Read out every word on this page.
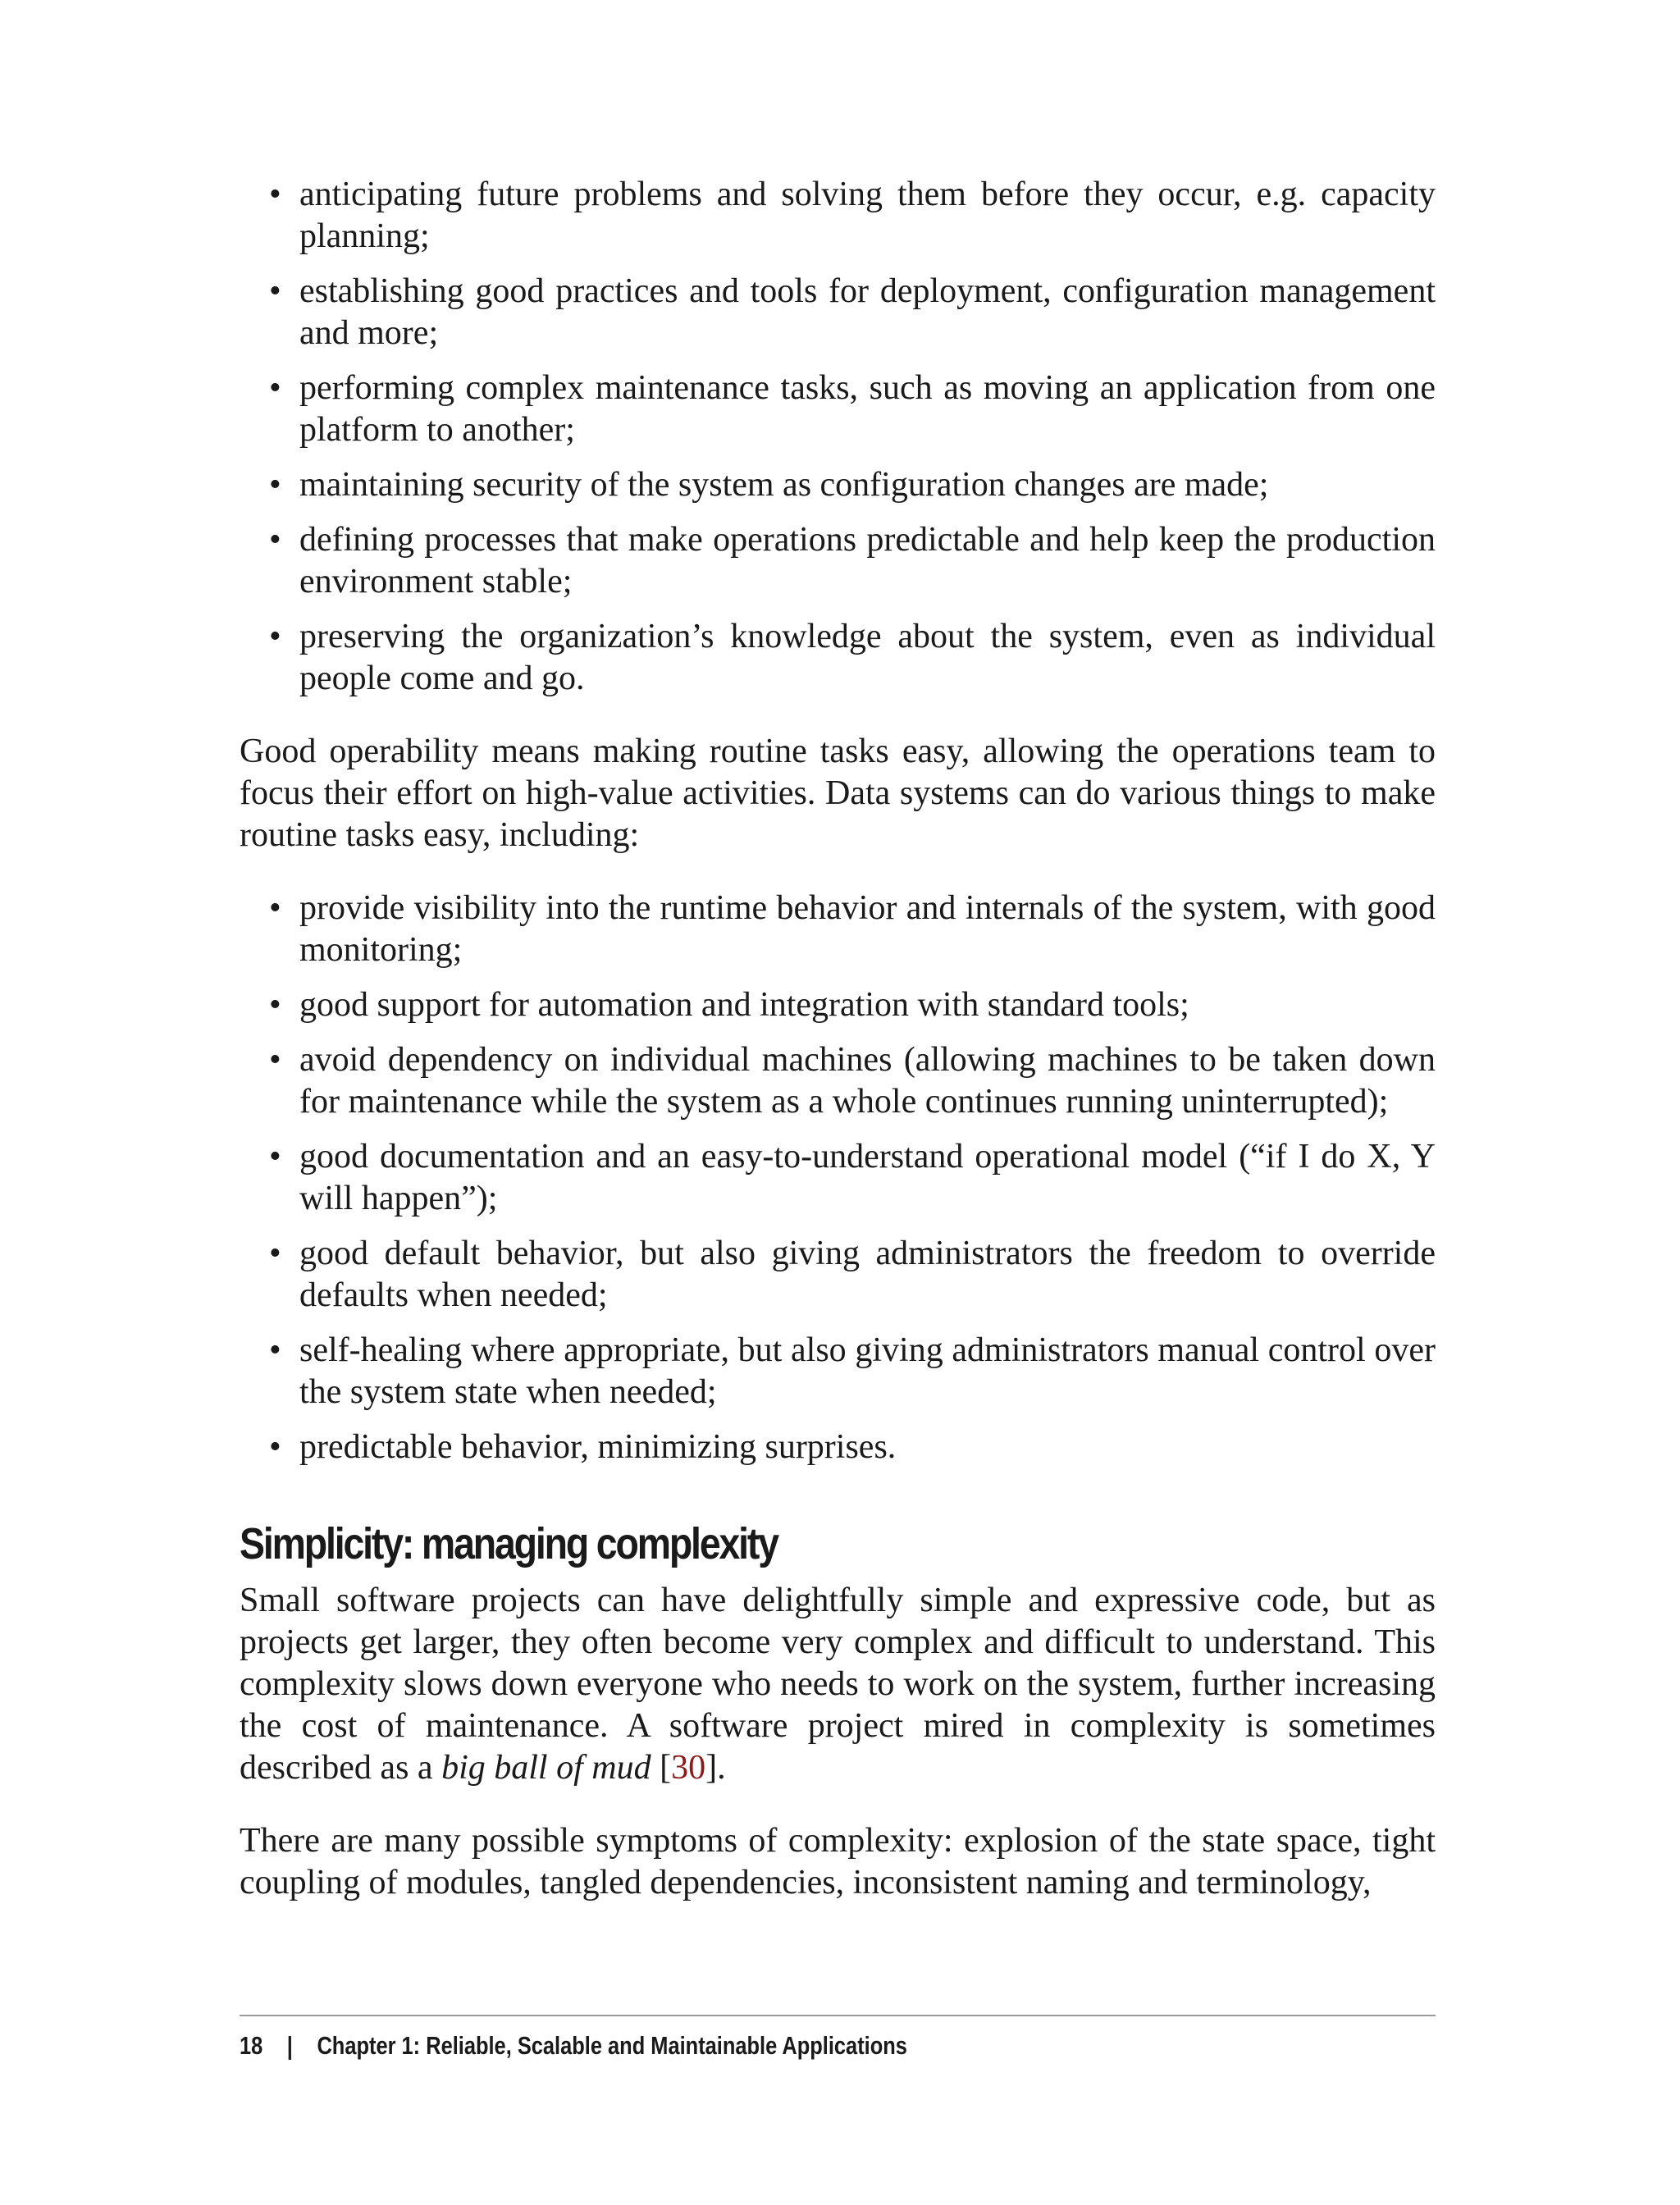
• anticipating future problems and solving them before they occur, e.g. capacity planning;
• establishing good practices and tools for deployment, configuration management and more;
• performing complex maintenance tasks, such as moving an application from one platform to another;
• maintaining security of the system as configuration changes are made;
• defining processes that make operations predictable and help keep the production environment stable;
• preserving the organization’s knowledge about the system, even as individual people come and go.

Good operability means making routine tasks easy, allowing the operations team to focus their effort on high-value activities. Data systems can do various things to make routine tasks easy, including:

• provide visibility into the runtime behavior and internals of the system, with good monitoring;
• good support for automation and integration with standard tools;
• avoid dependency on individual machines (allowing machines to be taken down for maintenance while the system as a whole continues running uninterrupted);
• good documentation and an easy-to-understand operational model (“if I do X, Y will happen”);
• good default behavior, but also giving administrators the freedom to override defaults when needed;
• self-healing where appropriate, but also giving administrators manual control over the system state when needed;
• predictable behavior, minimizing surprises.
Simplicity: managing complexity

Small software projects can have delightfully simple and expressive code, but as projects get larger, they often become very complex and difficult to understand. This complexity slows down everyone who needs to work on the system, further increasing the cost of maintenance. A software project mired in complexity is sometimes described as a big ball of mud [30].

There are many possible symptoms of complexity: explosion of the state space, tight coupling of modules, tangled dependencies, inconsistent naming and terminology,

18 | Chapter 1: Reliable, Scalable and Maintainable Applications
